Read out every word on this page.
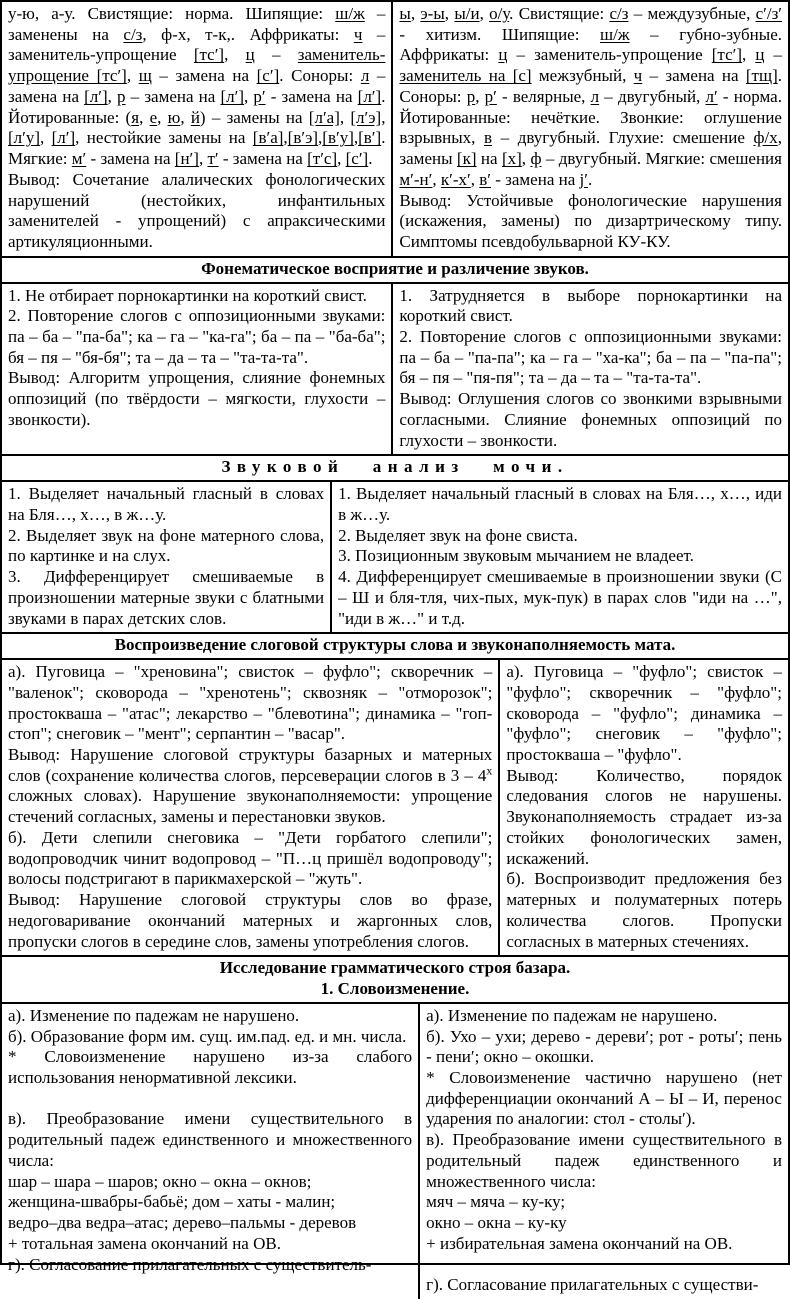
у-ю, а-у. Свистящие: норма. Шипящие: ш/ж – заменены на с/з, ф-х, т-к,. Аффрикаты: ч – заменитель-упрощение [тс′], ц – заменитель-упрощение [тс′], щ – замена на [с′]. Соноры: л – замена на [л′], р – замена на [л′], р′ - замена на [л′]. Йотированные: (я, е, ю, й) – замены на [л′а], [л′э], [л′у], [л′], нестойкие замены на [в′а],[в′э],[в′у],[в′]. Мягкие: м′ - замена на [н′], т′ - замена на [т′с], [с′].
Вывод: Сочетание алалических фонологических нарушений (нестойких, инфантильных заменителей - упрощений) с апраксическими артикуляционными.
ы, э-ы, ы/и, о/у. Свистящие: с/з – междузубные, с′/з′ - хитизм. Шипящие: ш/ж – губно-зубные. Аффрикаты: ц – заменитель-упрощение [тс′], ц – заменитель на [с] межзубный, ч – замена на [тщ]. Соноры: р, р′ - велярные, л – двугубный, л′ - норма. Йотированные: нечёткие. Звонкие: оглушение взрывных, в – двугубный. Глухие: смешение ф/х, замены [к] на [х], ф – двугубный. Мягкие: смешения м′-н′, к′-х′, в′ - замена на j′.
Вывод: Устойчивые фонологические нарушения (искажения, замены) по дизартрическому типу. Симптомы псевдобульварной КУ-КУ.
Фонематическое восприятие и различение звуков.
1. Не отбирает порнокартинки на короткий свист.
2. Повторение слогов с оппозиционными звуками: па – ба – "па-ба"; ка – га – "ка-га"; ба – па – "ба-ба"; бя – пя – "бя-бя"; та – да – та – "та-та-та".
Вывод: Алгоритм упрощения, слияние фонемных оппозиций (по твёрдости – мягкости, глухости – звонкости).
1. Затрудняется в выборе порнокартинки на короткий свист.
2. Повторение слогов с оппозиционными звуками: па – ба – "па-па"; ка – га – "ха-ка"; ба – па – "па-па"; бя – пя – "пя-пя"; та – да – та – "та-та-та".
Вывод: Оглушения слогов со звонкими взрывными согласными. Слияние фонемных оппозиций по глухости – звонкости.
Звуковой анализ мочи.
1. Выделяет начальный гласный в словах на Бля…, х…, в ж…у.
2. Выделяет звук на фоне матерного слова, по картинке и на слух.
3. Дифференцирует смешиваемые в произношении матерные звуки с блатными звуками в парах детских слов.
1. Выделяет начальный гласный в словах на Бля…, х…, иди в ж…у.
2. Выделяет звук на фоне свиста.
3. Позиционным звуковым мычанием не владеет.
4. Дифференцирует смешиваемые в произношении звуки (С – Ш и бля-тля, чих-пых, мук-пук) в парах слов "иди на …", "иди в ж…" и т.д.
Воспроизведение слоговой структуры слова и звуконаполняемость мата.
а). Пуговица – "хреновина"; свисток – фуфло"; скворечник – "валенок"; сковорода – "хренотень"; сквозняк – "отморозок"; простокваша – "атас"; лекарство – "блевотина"; динамика – "гоп-стоп"; снеговик – "мент"; серпантин – "васар".
Вывод: Нарушение слоговой структуры базарных и матерных слов (сохранение количества слогов, персеверации слогов в $3 - 4^х$ сложных словах). Нарушение звуконаполняемости: упрощение стечений согласных, замены и перестановки звуков.
б). Дети слепили снеговика – "Дети горбатого слепили"; водопроводчик чинит водопровод – "П…ц пришёл водопроводу"; волосы подстригают в парикмахерской – "жуть".
Вывод: Нарушение слоговой структуры слов во фразе, недоговаривание окончаний матерных и жаргонных слов, пропуски слогов в середине слов, замены употребления слогов.
а). Пуговица – "фуфло"; свисток – "фуфло"; скворечник – "фуфло"; сковорода – "фуфло"; динамика – "фуфло"; снеговик – "фуфло"; простокваша – "фуфло".
Вывод: Количество, порядок следования слогов не нарушены. Звуконаполняемость страдает из-за стойких фонологических замен, искажений.
б). Воспроизводит предложения без матерных и полуматерных потерь количества слогов. Пропуски согласных в матерных стечениях.
Исследование грамматического строя базара.
1. Словоизменение.
а). Изменение по падежам не нарушено.
б). Образование форм им. сущ. им.пад. ед. и мн. числа.
* Словоизменение нарушено из-за слабого использования ненормативной лексики.

в). Преобразование имени существительного в родительный падеж единственного и множественного числа:
шар – шара – шаров; окно – окна – окнов;
женщина-швабры-бабьё; дом – хаты - малин;
ведро–два ведра–атас; дерево–пальмы - деревов
+ тотальная замена окончаний на ОВ.
г). Согласование прилагательных с существитель-
а). Изменение по падежам не нарушено.
б). Ухо – ухи; дерево - дереви′; рот - роты′; пень - пени′; окно – окошки.
* Словоизменение частично нарушено (нет дифференциации окончаний А – Ы – И, перенос ударения по аналогии: стол - столы′).
в). Преобразование имени существительного в родительный падеж единственного и множественного числа:
мяч – мяча – ку-ку;
окно – окна – ку-ку
+ избирательная замена окончаний на ОВ.

г). Согласование прилагательных с существи-
